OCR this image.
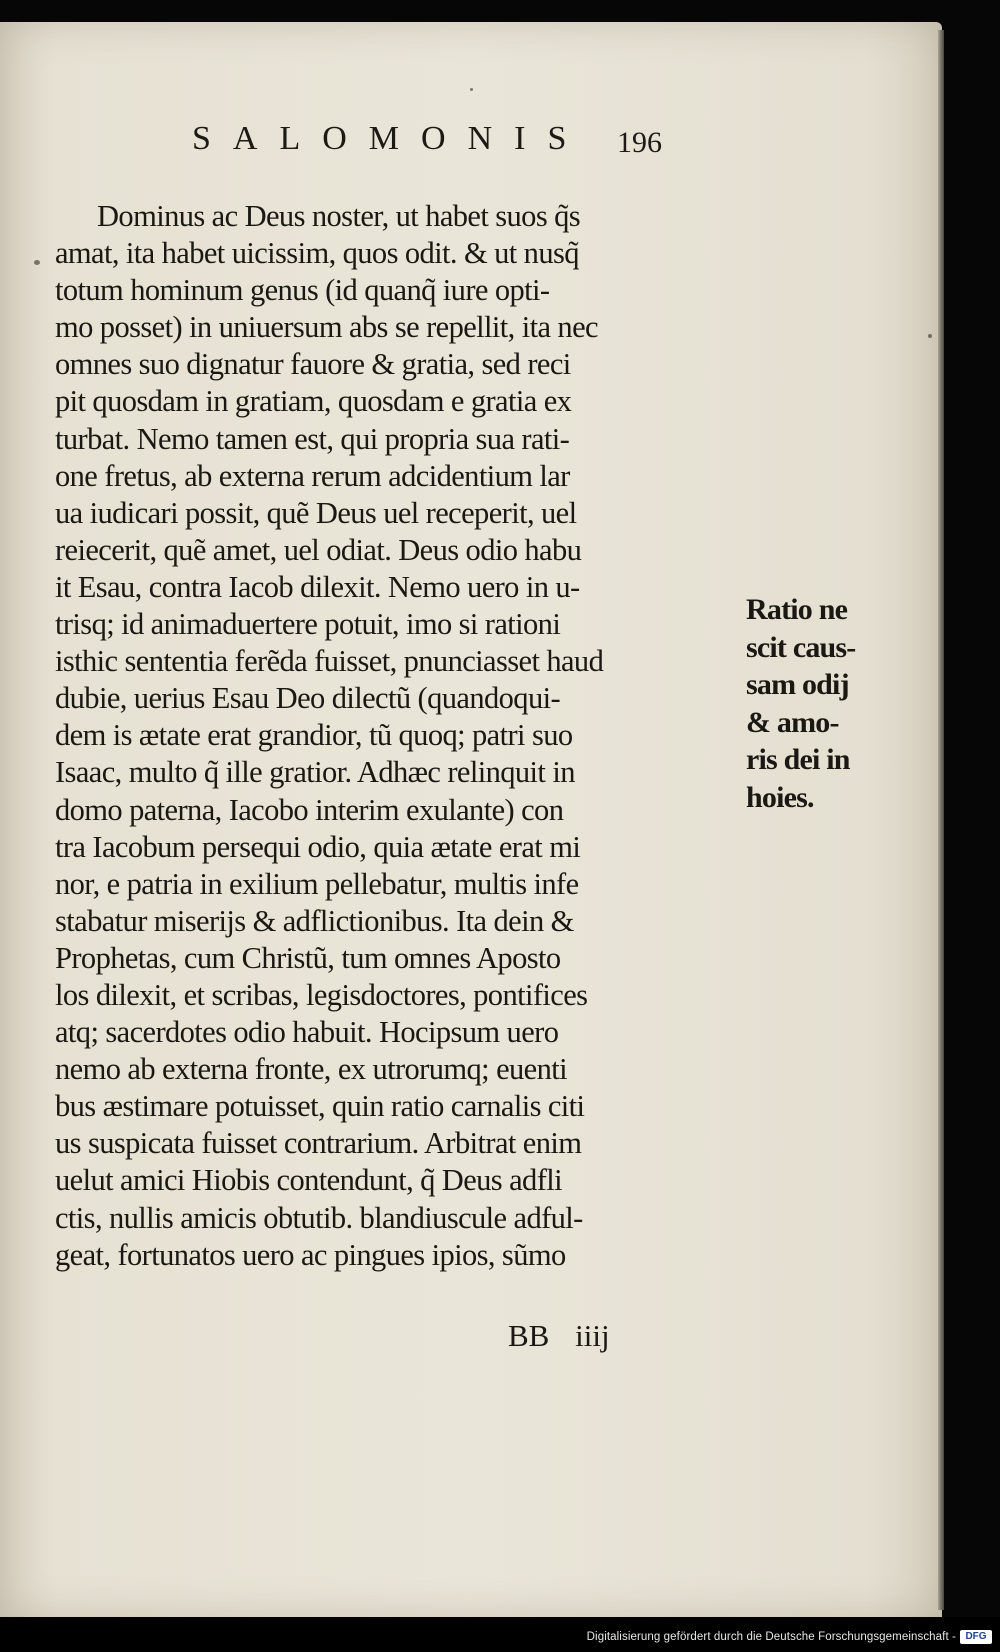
SALOMONIS 196
Dominus ac Deus noster, ut habet suos q̃s
amat, ita habet uicissim, quos odit. & ut nusq̃
totum hominum genus (id quanq̃ iure opti-
mo posset) in uniuersum abs se repellit, ita nec
omnes suo dignatur fauore & gratia, sed reci
pit quosdam in gratiam, quosdam e gratia ex
turbat. Nemo tamen est, qui propria sua rati-
one fretus, ab externa rerum adcidentium lar
ua iudicari possit, quẽ Deus uel receperit, uel
reiecerit, quẽ amet, uel odiat. Deus odio habu
it Esau, contra Iacob dilexit. Nemo uero in u-
trisq; id animaduertere potuit, imo si rationi
isthic sententia ferẽda fuisset, pnunciasset haud
dubie, uerius Esau Deo dilectũ (quandoqui-
dem is ætate erat grandior, tũ quoq; patri suo
Isaac, multo q̃ ille gratior. Adhæc relinquit in
domo paterna, Iacobo interim exulante) con
tra Iacobum persequi odio, quia ætate erat mi
nor, e patria in exilium pellebatur, multis infe
stabatur miserijs & adflictionibus. Ita dein &
Prophetas, cum Christũ, tum omnes Aposto
los dilexit, et scribas, legisdoctores, pontifices
atq; sacerdotes odio habuit. Hocipsum uero
nemo ab externa fronte, ex utrorumq; euenti
bus æstimare potuisset, quin ratio carnalis citi
us suspicata fuisset contrarium. Arbitrat enim
uelut amici Hiobis contendunt, q̃ Deus adfli
ctis, nullis amicis obtutib. blandiuscule adful-
geat, fortunatos uero ac pingues ipios, sũmo
Ratio ne
scit caus-
sam odij
& amo-
ris dei in
hoies.
BB iiij
Digitalisierung gefördert durch die Deutsche Forschungsgemeinschaft - DFG
